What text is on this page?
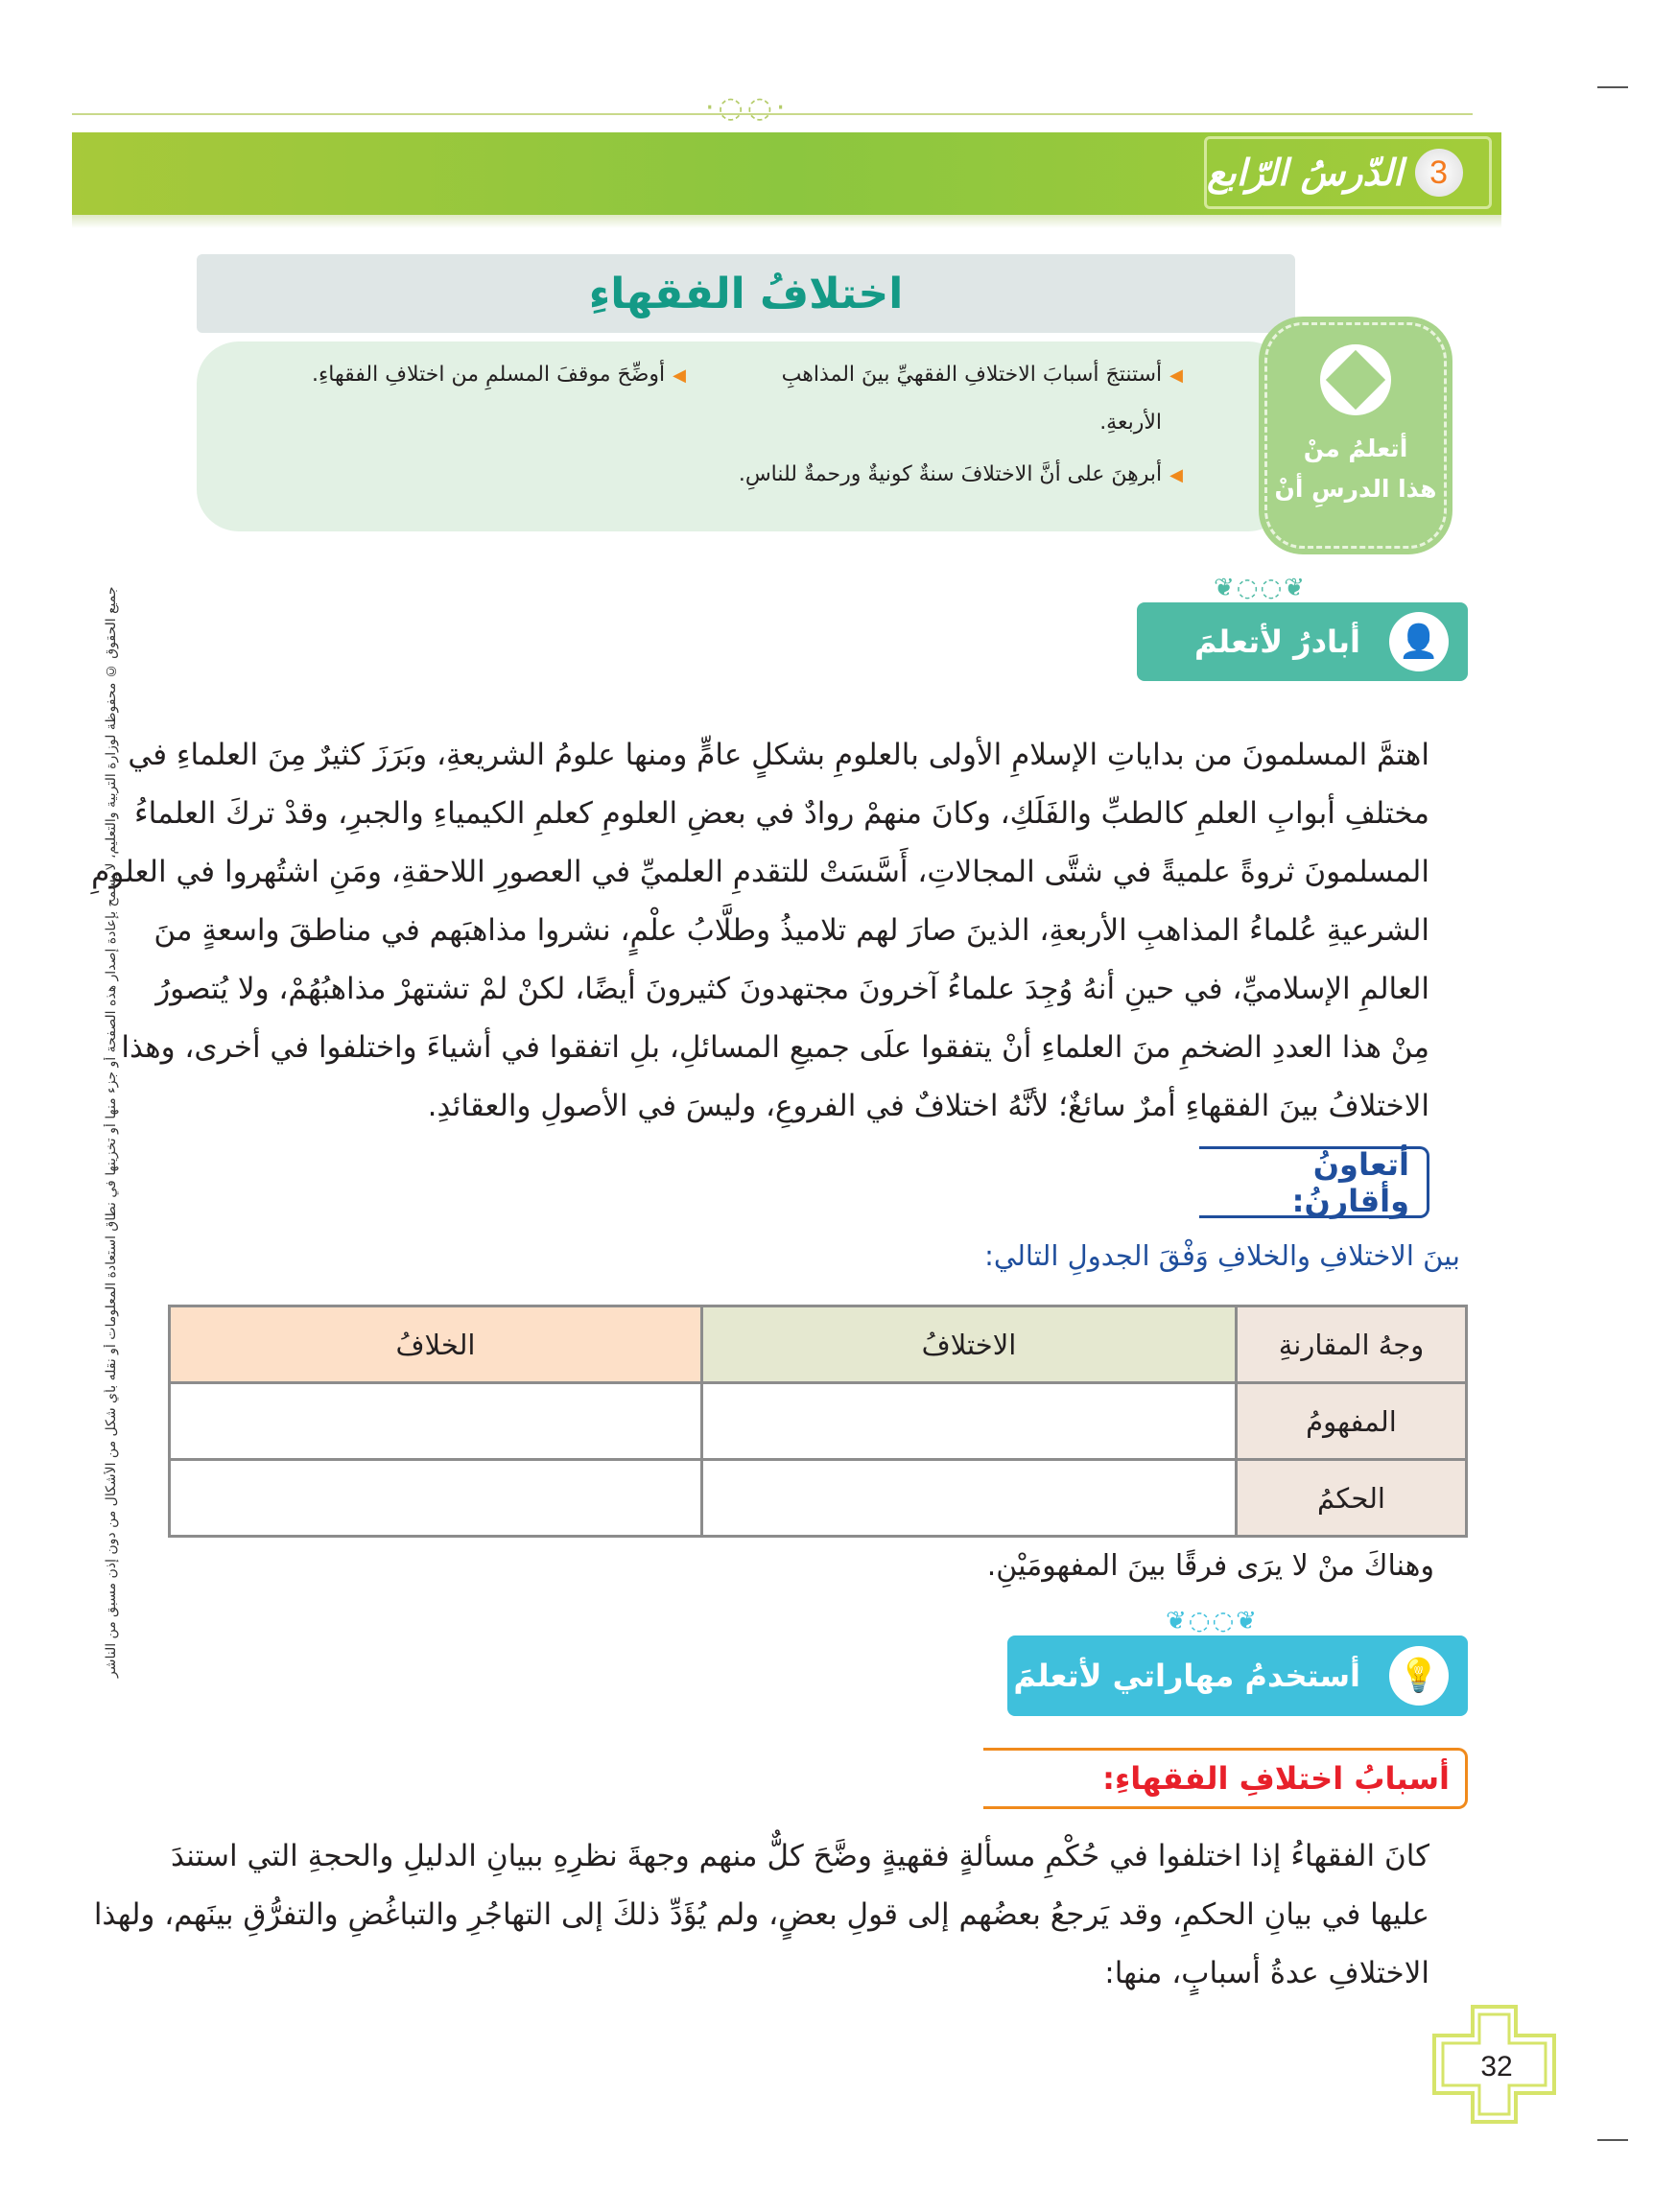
·◌◌·
3
الدّرسُ الرّابع
اختلافُ الفقهاءِ
◀أستنتجَ أسبابَ الاختلافِ الفقهيِّ بينَ المذاهبِ
الأربعةِ.
◀أبرهِنَ على أنَّ الاختلافَ سنةٌ كونيةٌ ورحمةٌ للناسِ.
◀أوضِّحَ موقفَ المسلمِ من اختلافِ الفقهاءِ.
أتعلمُ منْ
هذا الدرسِ أنْ
❦◌◌❦
أبادرُ لأتعلمَ 👤
اهتمَّ المسلمونَ من بداياتِ الإسلامِ الأولى بالعلومِ بشكلٍ عامٍّ ومنها علومُ الشريعةِ، وبَرَزَ كثيرٌ مِنَ العلماءِ في
مختلفِ أبوابِ العلمِ كالطبِّ والفَلَكِ، وكانَ منهمْ روادٌ في بعضِ العلومِ كعلمِ الكيمياءِ والجبرِ، وقدْ تركَ العلماءُ
المسلمونَ ثروةً علميةً في شتَّى المجالاتِ، أَسَّسَتْ للتقدمِ العلميِّ في العصورِ اللاحقةِ، ومَنِ اشتُهروا في العلومِ
الشرعيةِ عُلماءُ المذاهبِ الأربعةِ، الذينَ صارَ لهم تلاميذُ وطلَّابُ علْمٍ، نشروا مذاهبَهم في مناطقَ واسعةٍ منَ
العالمِ الإسلاميِّ، في حينِ أنهُ وُجِدَ علماءُ آخرونَ مجتهدونَ كثيرونَ أيضًا، لكنْ لمْ تشتهرْ مذاهبُهُمْ، ولا يُتصورُ
مِنْ هذا العددِ الضخمِ منَ العلماءِ أنْ يتفقوا علَى جميعِ المسائلِ، بلِ اتفقوا في أشياءَ واختلفوا في أخرى، وهذا
الاختلافُ بينَ الفقهاءِ أمرٌ سائغٌ؛ لأنَّهُ اختلافٌ في الفروعِ، وليسَ في الأصولِ والعقائدِ.
أتعاونُ وأقارنُ:
بينَ الاختلافِ والخلافِ وَفْقَ الجدولِ التالي:
وجهُ المقارنةِ	الاختلافُ	الخلافُ
المفهومُ		
الحكمُ		
وهناكَ منْ لا يرَى فرقًا بينَ المفهومَيْنِ.
❦◌◌❦
أستخدمُ مهاراتي لأتعلمَ 💡
أسبابُ اختلافِ الفقهاءِ:
كانَ الفقهاءُ إذا اختلفوا في حُكْمِ مسألةٍ فقهيةٍ وضَّحَ كلٌّ منهم وجهةَ نظرِهِ ببيانِ الدليلِ والحجةِ التي استندَ
عليها في بيانِ الحكمِ، وقد يَرجعُ بعضُهم إلى قولِ بعضٍ، ولم يُؤَدِّ ذلكَ إلى التهاجُرِ والتباغُضِ والتفرُّقِ بينَهم، ولهذا
الاختلافِ عدةُ أسبابٍ، منها:
جميع الحقوق © محفوظة لوزارة التربية والتعليم، لا يسمح بإعادة إصدار هذه الصفحة أو جزء منها أو تخزينها في نطاق استعادة المعلومات أو نقله بأي شكل من الأشكال من دون إذن مسبق من الناشر
32
